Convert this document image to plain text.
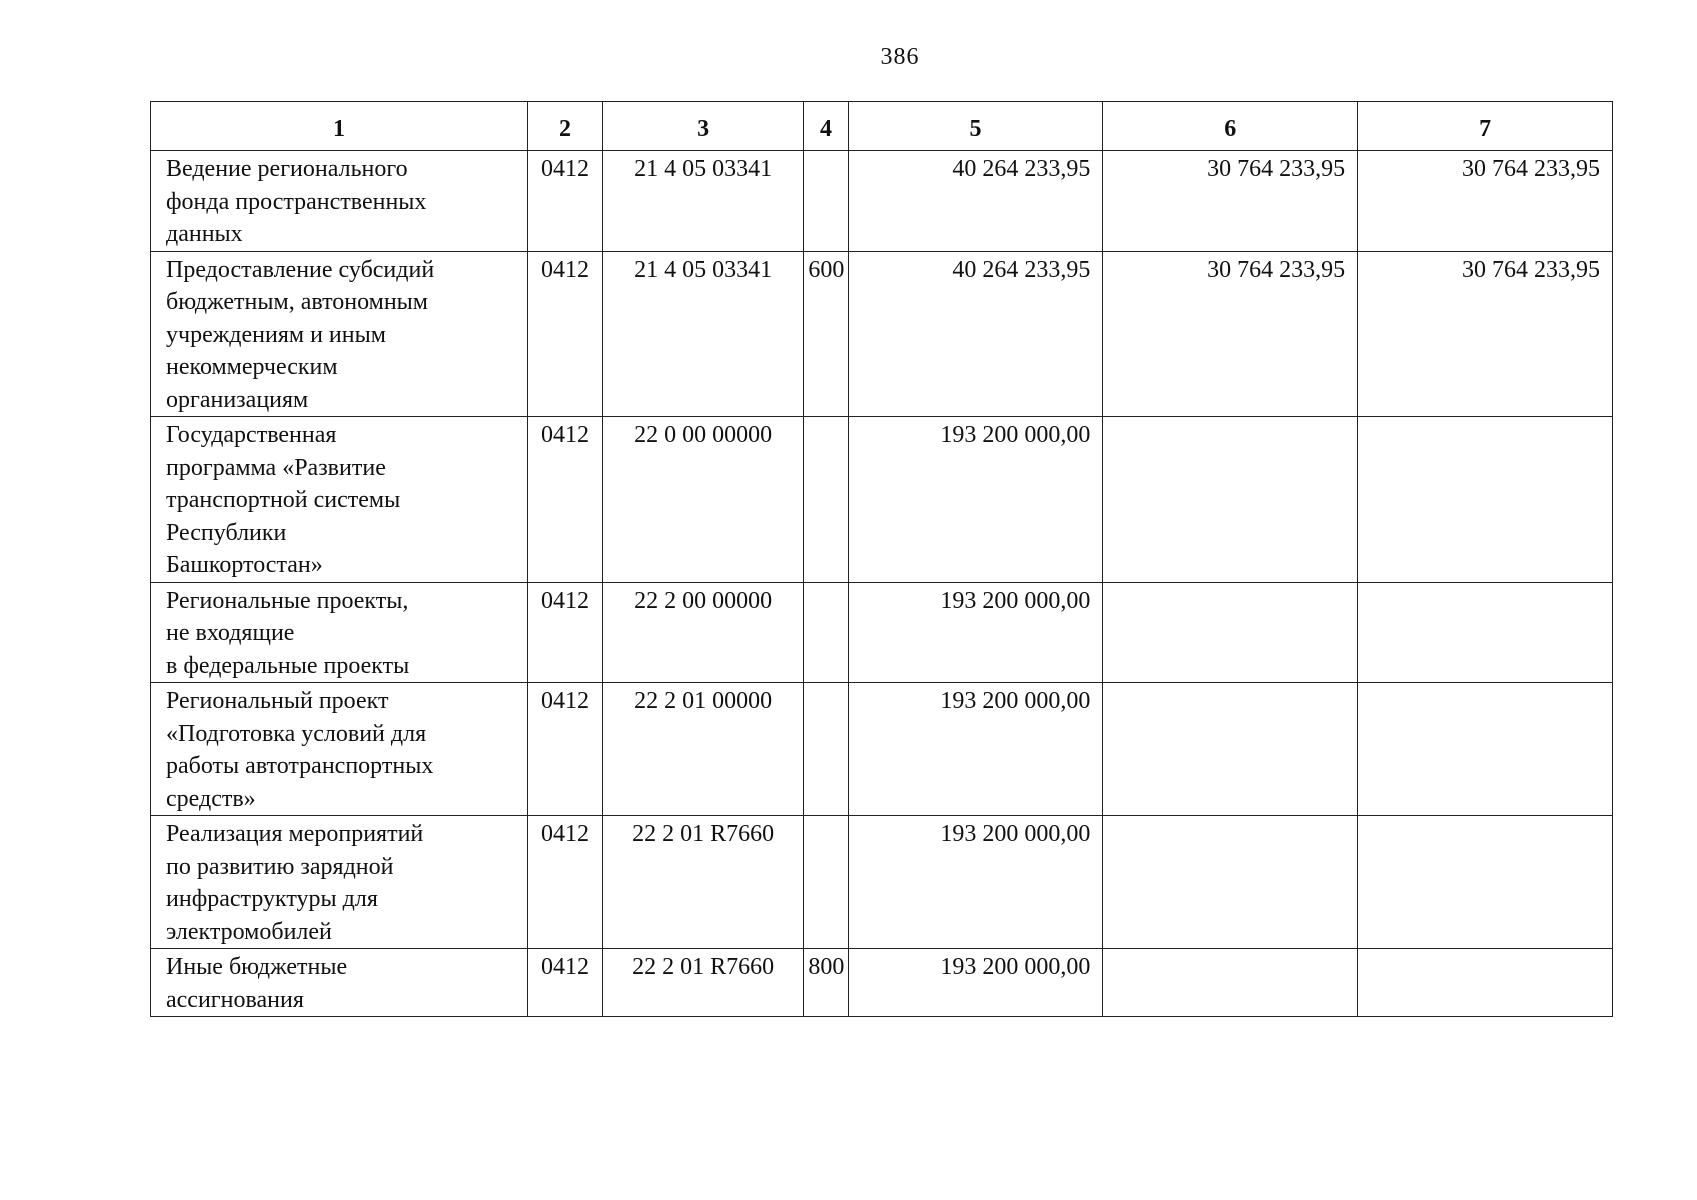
386
1	2	3	4	5	6	7

Ведение регионального
фонда пространственных
данных	0412	21 4 05 03341		40 264 233,95	30 764 233,95	30 764 233,95

Предоставление субсидий
бюджетным, автономным
учреждениям и иным
некоммерческим
организациям	0412	21 4 05 03341	600	40 264 233,95	30 764 233,95	30 764 233,95

Государственная
программа «Развитие
транспортной системы
Республики
Башкортостан»	0412	22 0 00 00000		193 200 000,00		

Региональные проекты,
не входящие
в федеральные проекты	0412	22 2 00 00000		193 200 000,00		

Региональный проект
«Подготовка условий для
работы автотранспортных
средств»	0412	22 2 01 00000		193 200 000,00		

Реализация мероприятий
по развитию зарядной
инфраструктуры для
электромобилей	0412	22 2 01 R7660		193 200 000,00		

Иные бюджетные
ассигнования	0412	22 2 01 R7660	800	193 200 000,00		
